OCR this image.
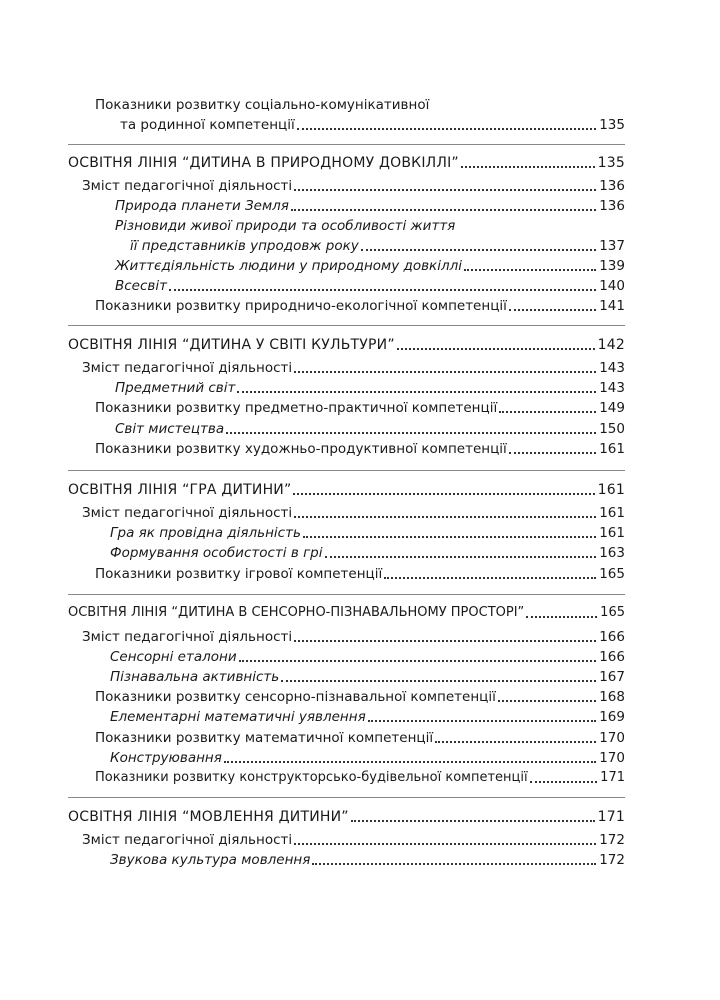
Показники розвитку соціально-комунікативної
та родинної компетенції	135
ОСВІТНЯ ЛІНІЯ “ДИТИНА В ПРИРОДНОМУ ДОВКІЛЛІ”	135
Зміст педагогічної діяльності	136
Природа планети Земля	136
Різновиди живої природи та особливості життя
її представників упродовж року	137
Життєдіяльність людини у природному довкіллі	139
Всесвіт	140
Показники розвитку природничо-екологічної компетенції	141
ОСВІТНЯ ЛІНІЯ “ДИТИНА У СВІТІ КУЛЬТУРИ”	142
Зміст педагогічної діяльності	143
Предметний світ	143
Показники розвитку предметно-практичної компетенції	149
Світ мистецтва	150
Показники розвитку художньо-продуктивної компетенції	161
ОСВІТНЯ ЛІНІЯ “ГРА ДИТИНИ”	161
Зміст педагогічної діяльності	161
Гра як провідна діяльність	161
Формування особистості в грі	163
Показники розвитку ігрової компетенції	165
ОСВІТНЯ ЛІНІЯ “ДИТИНА В СЕНСОРНО-ПІЗНАВАЛЬНОМУ ПРОСТОРІ”	165
Зміст педагогічної діяльності	166
Сенсорні еталони	166
Пізнавальна активність	167
Показники розвитку сенсорно-пізнавальної компетенції	168
Елементарні математичні уявлення	169
Показники розвитку математичної компетенції	170
Конструювання	170
Показники розвитку конструкторсько-будівельної компетенції	171
ОСВІТНЯ ЛІНІЯ “МОВЛЕННЯ ДИТИНИ”	171
Зміст педагогічної діяльності	172
Звукова культура мовлення	172
